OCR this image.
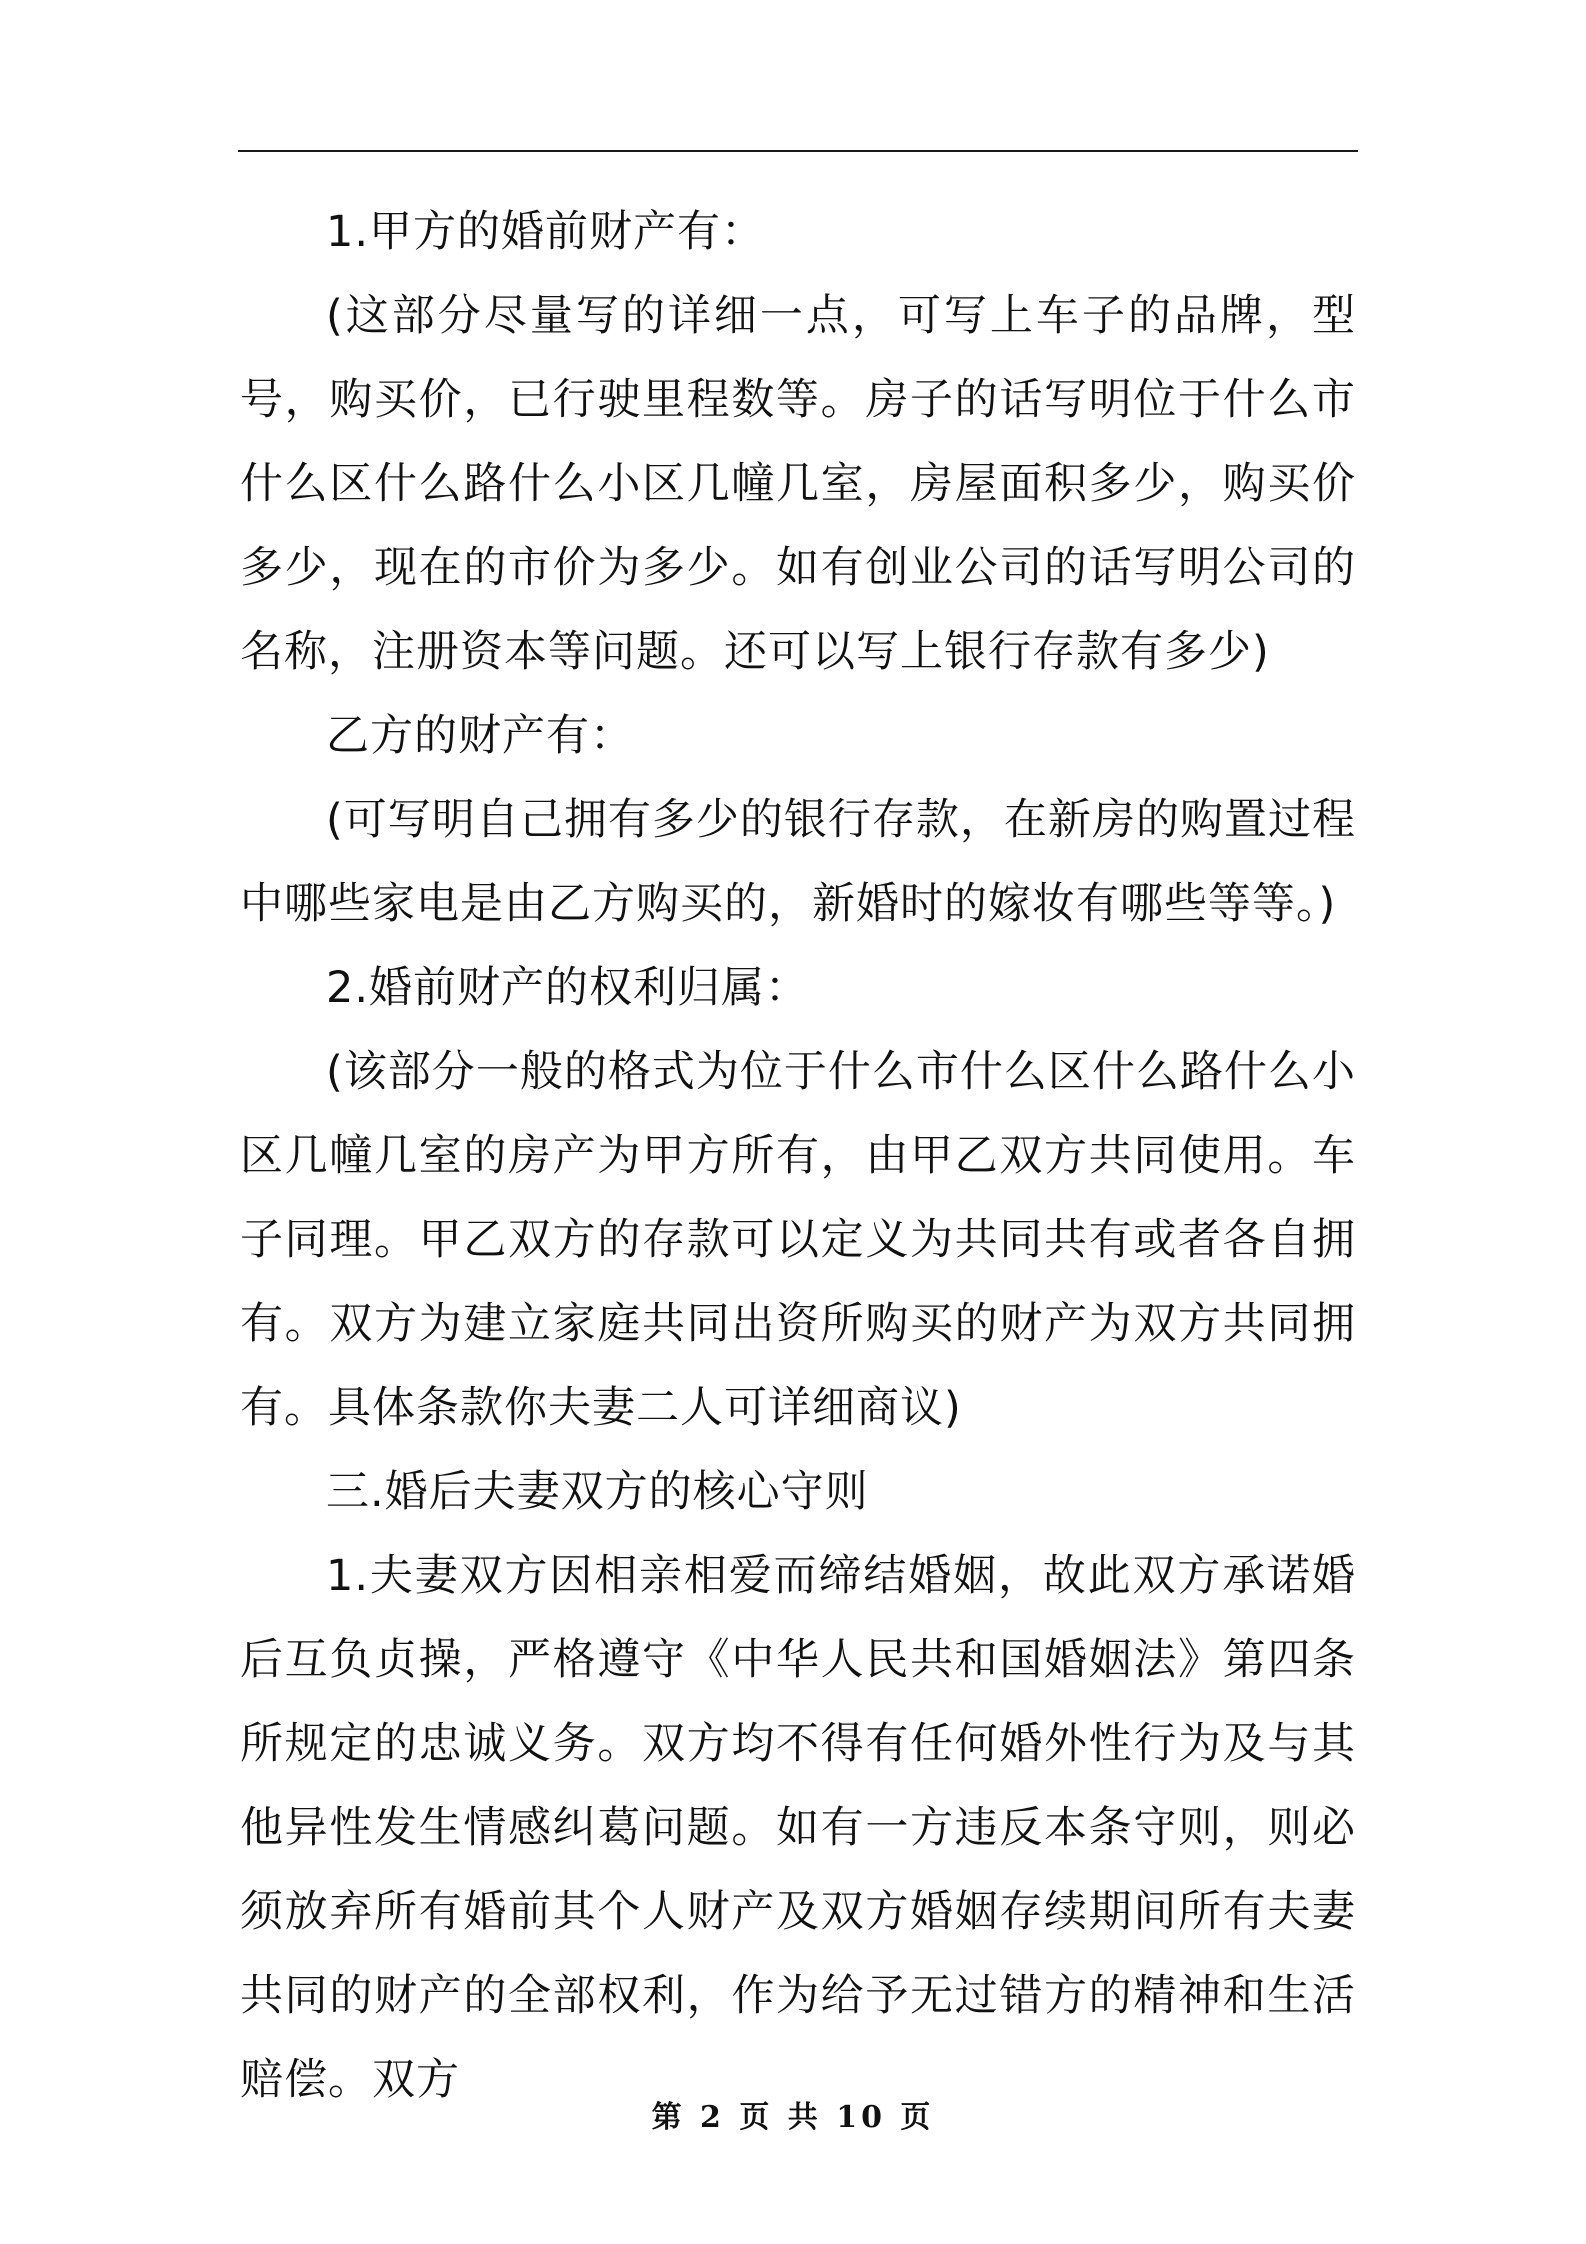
1.甲方的婚前财产有：

(这部分尽量写的详细一点，可写上车子的品牌，型号，购买价，已行驶里程数等。房子的话写明位于什么市什么区什么路什么小区几幢几室，房屋面积多少，购买价多少，现在的市价为多少。如有创业公司的话写明公司的名称，注册资本等问题。还可以写上银行存款有多少)

乙方的财产有：

(可写明自己拥有多少的银行存款，在新房的购置过程中哪些家电是由乙方购买的，新婚时的嫁妆有哪些等等。)

2.婚前财产的权利归属：

(该部分一般的格式为位于什么市什么区什么路什么小区几幢几室的房产为甲方所有，由甲乙双方共同使用。车子同理。甲乙双方的存款可以定义为共同共有或者各自拥有。双方为建立家庭共同出资所购买的财产为双方共同拥有。具体条款你夫妻二人可详细商议)

三.婚后夫妻双方的核心守则

1.夫妻双方因相亲相爱而缔结婚姻，故此双方承诺婚后互负贞操，严格遵守《中华人民共和国婚姻法》第四条所规定的忠诚义务。双方均不得有任何婚外性行为及与其他异性发生情感纠葛问题。如有一方违反本条守则，则必须放弃所有婚前其个人财产及双方婚姻存续期间所有夫妻共同的财产的全部权利，作为给予无过错方的精神和生活赔偿。双方

第 2 页 共 10 页
